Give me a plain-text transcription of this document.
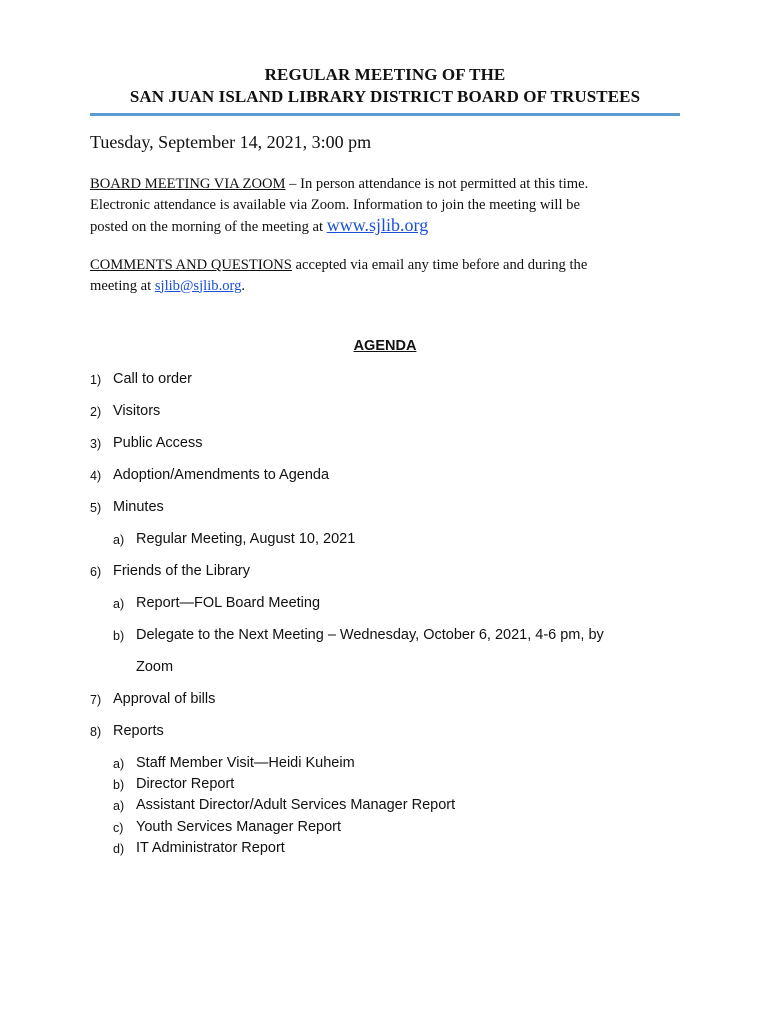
REGULAR MEETING OF THE
SAN JUAN ISLAND LIBRARY DISTRICT BOARD OF TRUSTEES
Tuesday, September 14, 2021, 3:00 pm
BOARD MEETING VIA ZOOM – In person attendance is not permitted at this time.
Electronic attendance is available via Zoom. Information to join the meeting will be
posted on the morning of the meeting at www.sjlib.org
COMMENTS AND QUESTIONS accepted via email any time before and during the
meeting at sjlib@sjlib.org.
AGENDA
1) Call to order
2) Visitors
3) Public Access
4) Adoption/Amendments to Agenda
5) Minutes
a) Regular Meeting, August 10, 2021
6) Friends of the Library
a) Report—FOL Board Meeting
b) Delegate to the Next Meeting – Wednesday, October 6, 2021, 4-6 pm, by
Zoom
7) Approval of bills
8) Reports
a) Staff Member Visit—Heidi Kuheim
b) Director Report
a) Assistant Director/Adult Services Manager Report
c) Youth Services Manager Report
d) IT Administrator Report
